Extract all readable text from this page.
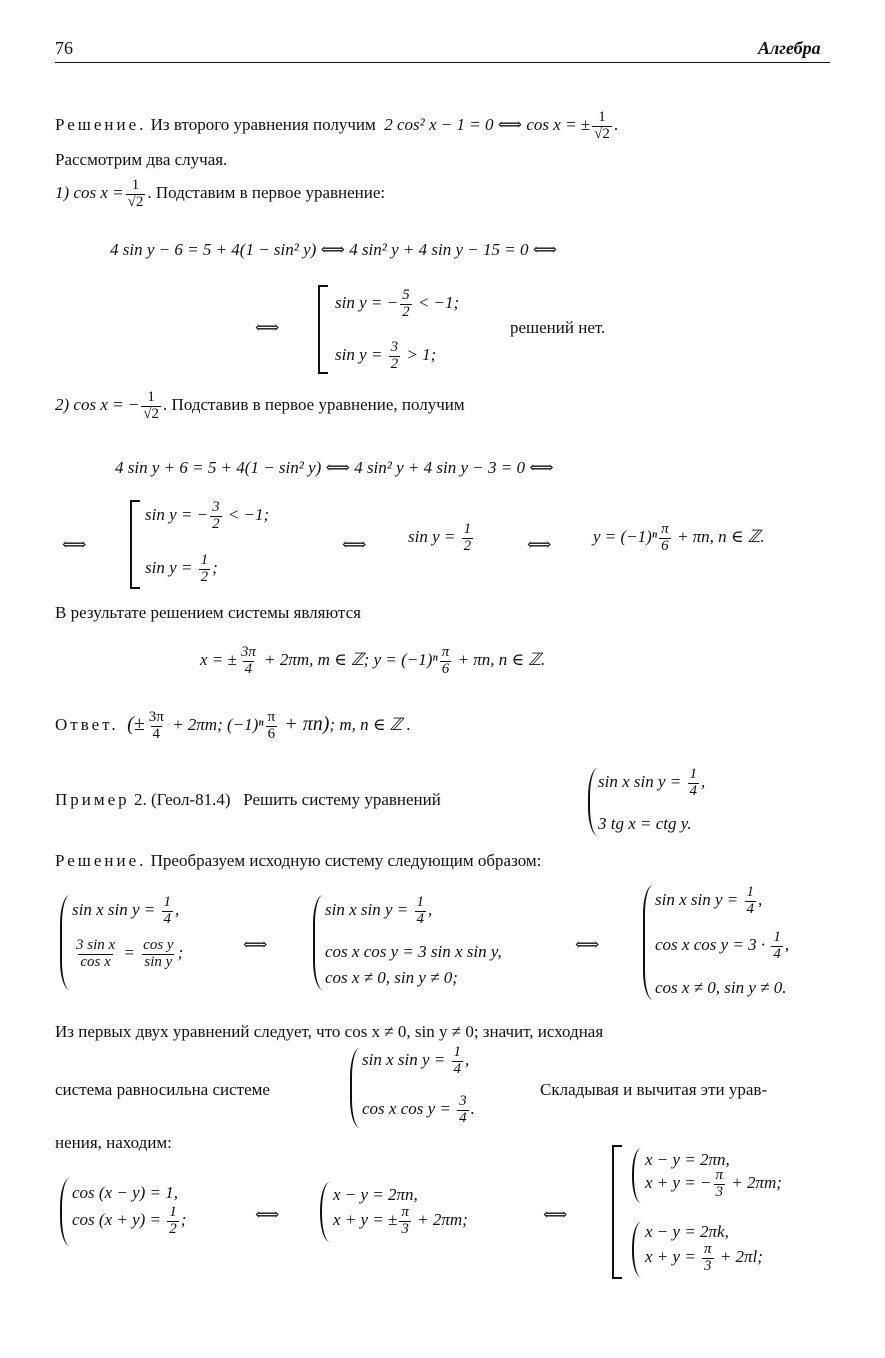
76	Алгебра
Решение. Из второго уравнения получим 2 cos² x − 1 = 0 ⟺ cos x = ± $\frac{1}{√2}$ .
Рассмотрим два случая.
1) $\cos x = \frac{1}{√2}$ . Подставим в первое уравнение:
4 sin y − 6 = 5 + 4(1 − sin² y) ⟺ 4 sin² y + 4 sin y − 15 = 0 ⟺
⟺
sin y = − $\frac{5}{2} < -1$;
$\sin y = \frac{3}{2} > 1$;
решений нет.
2) cos x = − $\frac{1}{√2}$ . Подставив в первое уравнение, получим
4 sin y + 6 = 5 + 4(1 − sin² y) ⟺ 4 sin² y + 4 sin y − 3 = 0 ⟺
⟺
sin y = − $\frac{3}{2} < -1$;
$\sin y = \frac{1}{2}$ ;
⟺ $\sin y = \frac{1}{2}$	⟺ $y = (-1)^n \frac{\pi}{6} + \pi n$, n ∈ ℤ.
В результате решением системы являются
x = ± $\frac{3\pi}{4} + 2\pi m$, m ∈ ℤ; $y = (-1)^n \frac{\pi}{6} + \pi n$, n ∈ ℤ.
Ответ. (± $\frac{3\pi}{4} + 2\pi m$; $(-1)^n \frac{\pi}{6} + \pi n$); m, n ∈ ℤ .
Пример 2. (Геол-81.4) Решить систему уравнений
sin x $\sin y = \frac{1}{4}$ ,
3 tg x = ctg y.
Решение. Преобразуем исходную систему следующим образом:
sin x $\sin y = \frac{1}{4}$ ,
$\frac{\text{3 sin x}}{\text{cos x}} = \frac{\text{cos y}}{\text{sin y}}$ ;	⟺
sin x $\sin y = \frac{1}{4}$ ,
cos x cos y = 3 sin x sin y,
cos x ≠ 0, sin y ≠ 0;
⟺
sin x $\sin y = \frac{1}{4}$ ,
cos x $\cos y = 3 \cdot \frac{1}{4}$ ,
cos x ≠ 0, sin y ≠ 0.
Из первых двух уравнений следует, что cos x ≠ 0, sin y ≠ 0; значит, исходная
система равносильна системе
sin x $\sin y = \frac{1}{4}$ ,
cos x $\cos y = \frac{3}{4}$ .
Складывая и вычитая эти урав-
нения, находим:
cos (x − y) = 1,
$\cos (x + y) = \frac{1}{2}$ ;	⟺
x − y = 2πn,
x + y = ± $\frac{\pi}{3} + 2\pi m$;	⟺
x − y = 2πn,
x + y = − $\frac{\pi}{3} + 2\pi m$;
x − y = 2πk,
$x + y = \frac{\pi}{3} + 2\pi l$;
